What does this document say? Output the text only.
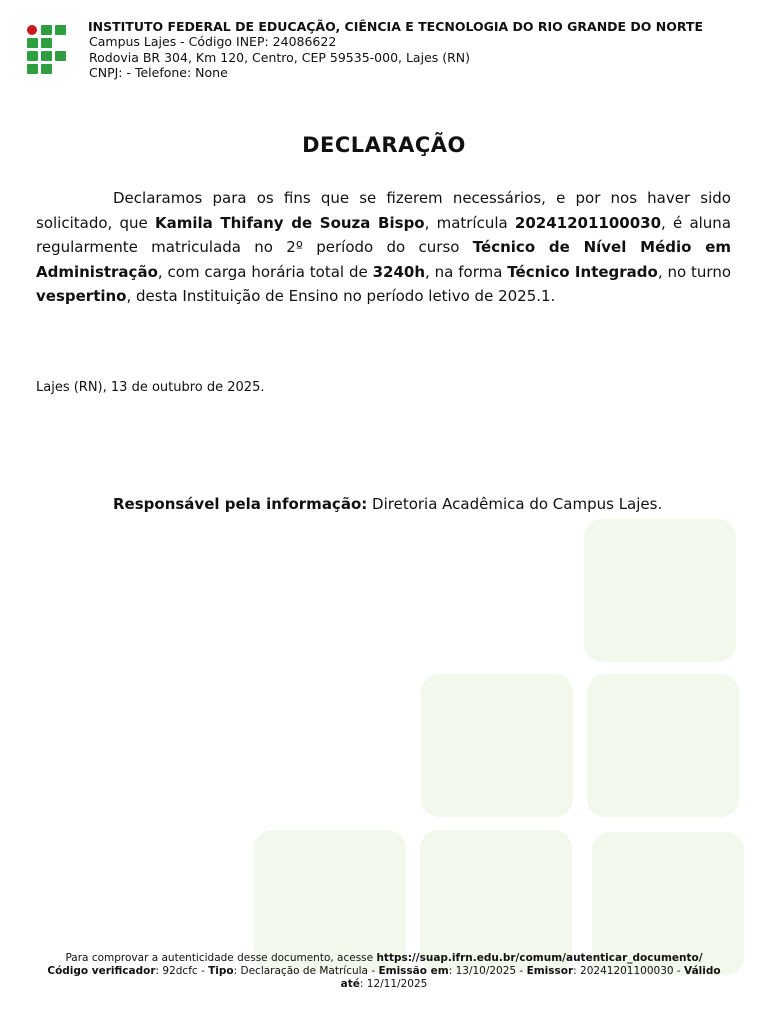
INSTITUTO FEDERAL DE EDUCAÇÃO, CIÊNCIA E TECNOLOGIA DO RIO GRANDE DO NORTE
Campus Lajes - Código INEP: 24086622
Rodovia BR 304, Km 120, Centro, CEP 59535-000, Lajes (RN)
CNPJ: - Telefone: None
DECLARAÇÃO
Declaramos para os fins que se fizerem necessários, e por nos haver sido solicitado, que Kamila Thifany de Souza Bispo, matrícula 20241201100030, é aluna regularmente matriculada no 2º período do curso Técnico de Nível Médio em Administração, com carga horária total de 3240h, na forma Técnico Integrado, no turno vespertino, desta Instituição de Ensino no período letivo de 2025.1.
Lajes (RN), 13 de outubro de 2025.
Responsável pela informação: Diretoria Acadêmica do Campus Lajes.
Para comprovar a autenticidade desse documento, acesse https://suap.ifrn.edu.br/comum/autenticar_documento/
Código verificador: 92dcfc - Tipo: Declaração de Matrícula - Emissão em: 13/10/2025 - Emissor: 20241201100030 - Válido até: 12/11/2025
